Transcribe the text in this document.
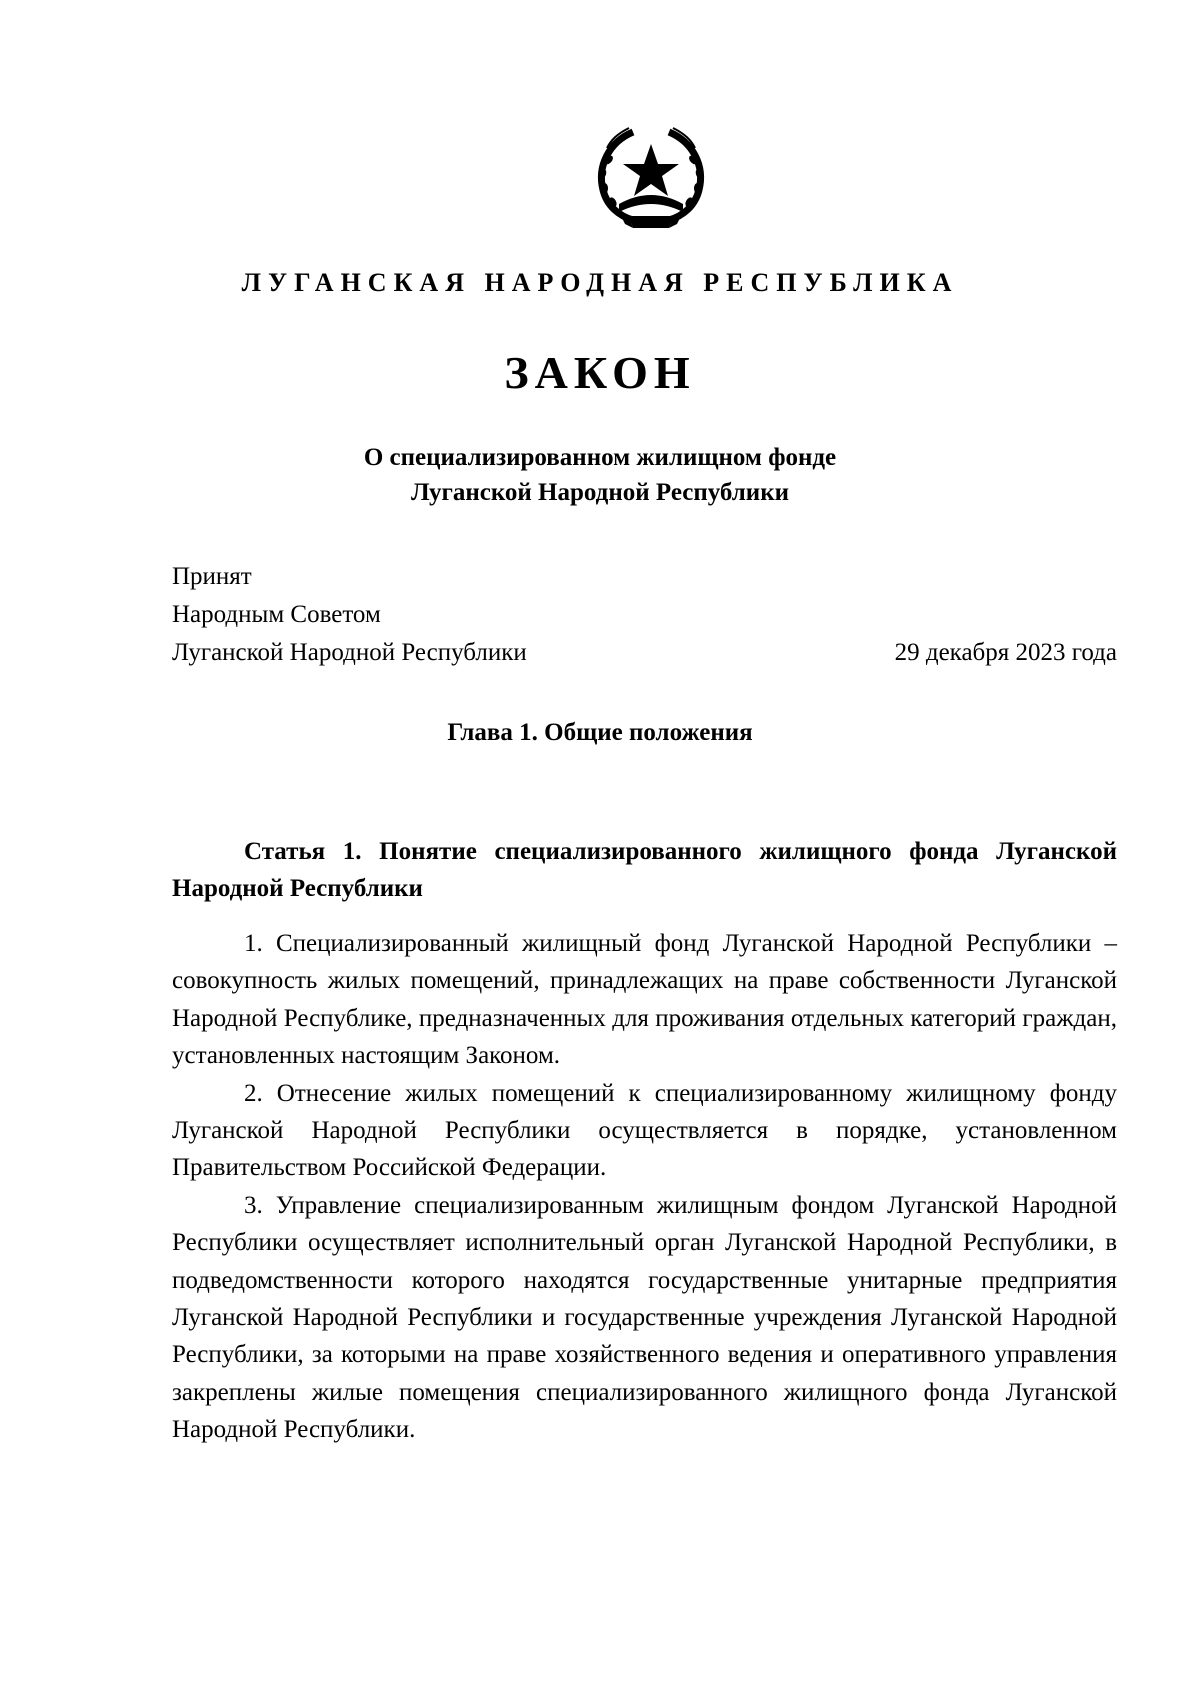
ЛУГАНСКАЯ НАРОДНАЯ РЕСПУБЛИКА
ЗАКОН
О специализированном жилищном фонде
Луганской Народной Республики
Принят
Народным Советом
Луганской Народной Республики	29 декабря 2023 года
Глава 1. Общие положения
Статья 1. Понятие специализированного жилищного фонда Луганской Народной Республики

1. Специализированный жилищный фонд Луганской Народной Республики – совокупность жилых помещений, принадлежащих на праве собственности Луганской Народной Республике, предназначенных для проживания отдельных категорий граждан, установленных настоящим Законом.

2. Отнесение жилых помещений к специализированному жилищному фонду Луганской Народной Республики осуществляется в порядке, установленном Правительством Российской Федерации.

3. Управление специализированным жилищным фондом Луганской Народной Республики осуществляет исполнительный орган Луганской Народной Республики, в подведомственности которого находятся государственные унитарные предприятия Луганской Народной Республики и государственные учреждения Луганской Народной Республики, за которыми на праве хозяйственного ведения и оперативного управления закреплены жилые помещения специализированного жилищного фонда Луганской Народной Республики.
